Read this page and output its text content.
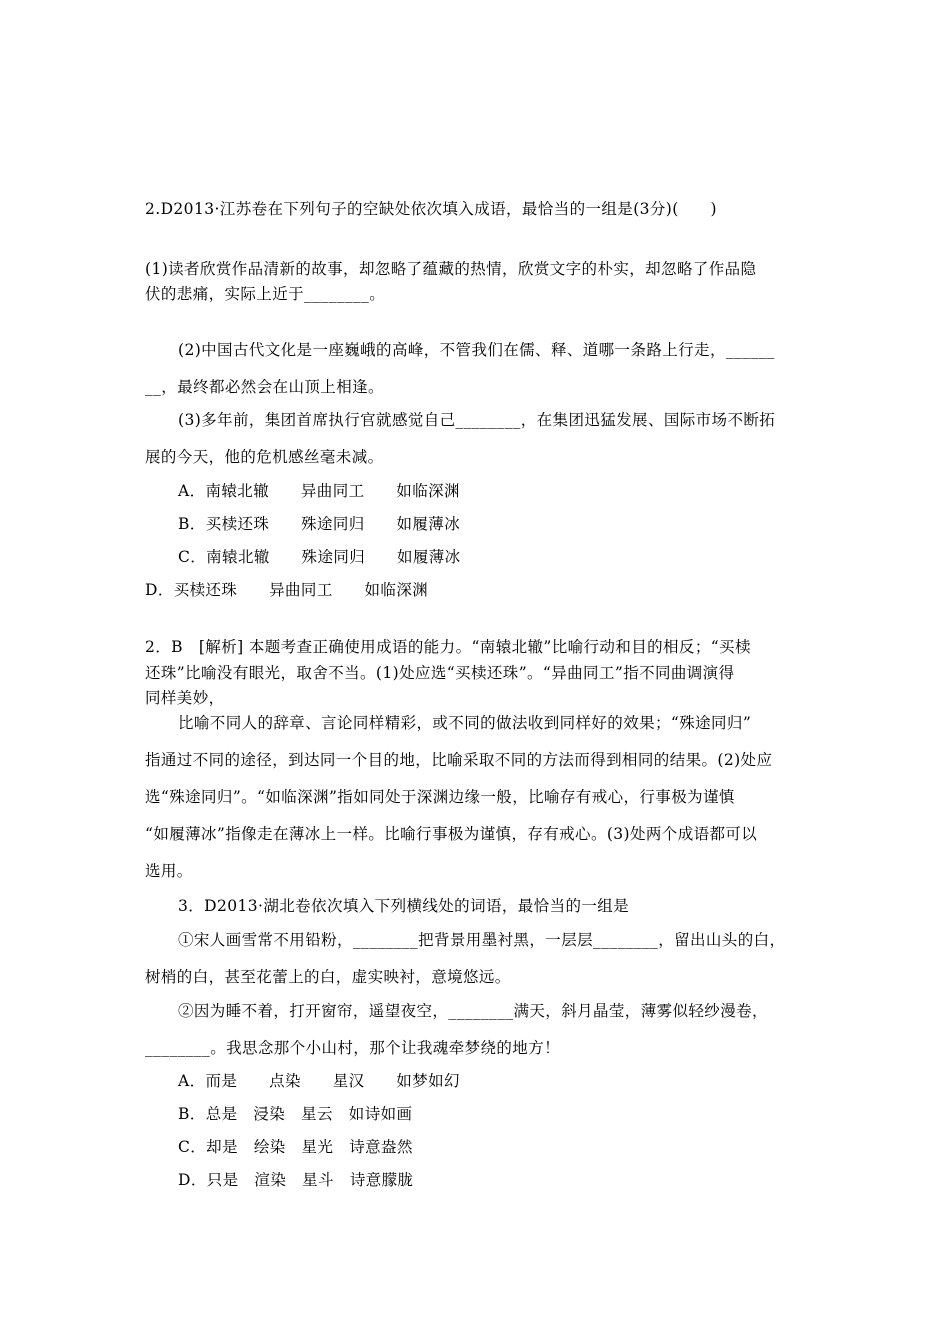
2.D2013·江苏卷在下列句子的空缺处依次填入成语，最恰当的一组是(3分)(　　)
(1)读者欣赏作品清新的故事，却忽略了蕴藏的热情，欣赏文字的朴实，却忽略了作品隐
伏的悲痛，实际上近于________。
(2)中国古代文化是一座巍峨的高峰，不管我们在儒、释、道哪一条路上行走，______
__，最终都必然会在山顶上相逢。
(3)多年前，集团首席执行官就感觉自己________，在集团迅猛发展、国际市场不断拓
展的今天，他的危机感丝毫未减。
A．南辕北辙　　异曲同工　　如临深渊
B．买椟还珠　　殊途同归　　如履薄冰
C．南辕北辙　　殊途同归　　如履薄冰
D．买椟还珠　　异曲同工　　如临深渊
2．B　[解析] 本题考查正确使用成语的能力。“南辕北辙”比喻行动和目的相反；“买椟
还珠”比喻没有眼光，取舍不当。(1)处应选“买椟还珠”。“异曲同工”指不同曲调演得
同样美妙，
比喻不同人的辞章、言论同样精彩，或不同的做法收到同样好的效果；“殊途同归”
指通过不同的途径，到达同一个目的地，比喻采取不同的方法而得到相同的结果。(2)处应
选“殊途同归”。“如临深渊”指如同处于深渊边缘一般，比喻存有戒心，行事极为谨慎
“如履薄冰”指像走在薄冰上一样。比喻行事极为谨慎，存有戒心。(3)处两个成语都可以
选用。
3．D2013·湖北卷依次填入下列横线处的词语，最恰当的一组是
①宋人画雪常不用铅粉，________把背景用墨衬黑，一层层________，留出山头的白，
树梢的白，甚至花蕾上的白，虚实映衬，意境悠远。
②因为睡不着，打开窗帘，遥望夜空，________满天，斜月晶莹，薄雾似轻纱漫卷，
________。我思念那个小山村，那个让我魂牵梦绕的地方！
A．而是　　点染　　星汉　　如梦如幻
B．总是　浸染　星云　如诗如画
C．却是　绘染　星光　诗意盎然
D．只是　渲染　星斗　诗意朦胧
